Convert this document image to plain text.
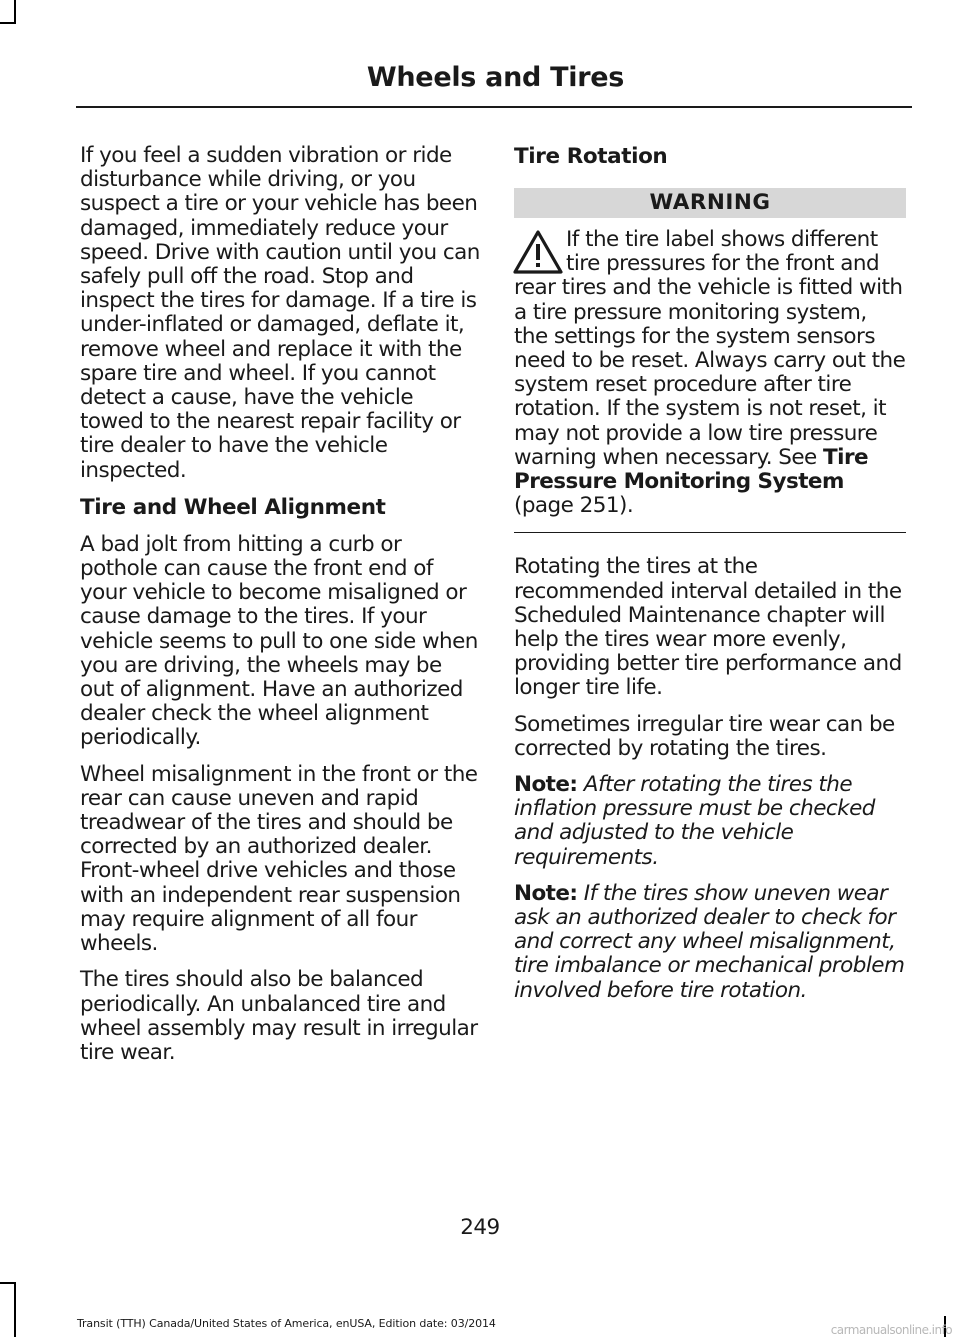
Wheels and Tires

If you feel a sudden vibration or ride disturbance while driving, or you suspect a tire or your vehicle has been damaged, immediately reduce your speed. Drive with caution until you can safely pull off the road. Stop and inspect the tires for damage. If a tire is under-inflated or damaged, deflate it, remove wheel and replace it with the spare tire and wheel. If you cannot detect a cause, have the vehicle towed to the nearest repair facility or tire dealer to have the vehicle inspected.

Tire and Wheel Alignment

A bad jolt from hitting a curb or pothole can cause the front end of your vehicle to become misaligned or cause damage to the tires. If your vehicle seems to pull to one side when you are driving, the wheels may be out of alignment. Have an authorized dealer check the wheel alignment periodically.

Wheel misalignment in the front or the rear can cause uneven and rapid treadwear of the tires and should be corrected by an authorized dealer. Front-wheel drive vehicles and those with an independent rear suspension may require alignment of all four wheels.

The tires should also be balanced periodically. An unbalanced tire and wheel assembly may result in irregular tire wear.

Tire Rotation
WARNING

If the tire label shows different tire pressures for the front and rear tires and the vehicle is fitted with a tire pressure monitoring system, the settings for the system sensors need to be reset. Always carry out the system reset procedure after tire rotation. If the system is not reset, it may not provide a low tire pressure warning when necessary. See Tire Pressure Monitoring System
(page 251).

Rotating the tires at the recommended interval detailed in the Scheduled Maintenance chapter will help the tires wear more evenly, providing better tire performance and longer tire life.

Sometimes irregular tire wear can be corrected by rotating the tires.

Note: After rotating the tires the inflation pressure must be checked and adjusted to the vehicle requirements.

Note: If the tires show uneven wear ask an authorized dealer to check for and correct any wheel misalignment, tire imbalance or mechanical problem involved before tire rotation.

249

Transit (TTH) Canada/United States of America, enUSA, Edition date: 03/2014	carmanualsonline.info
